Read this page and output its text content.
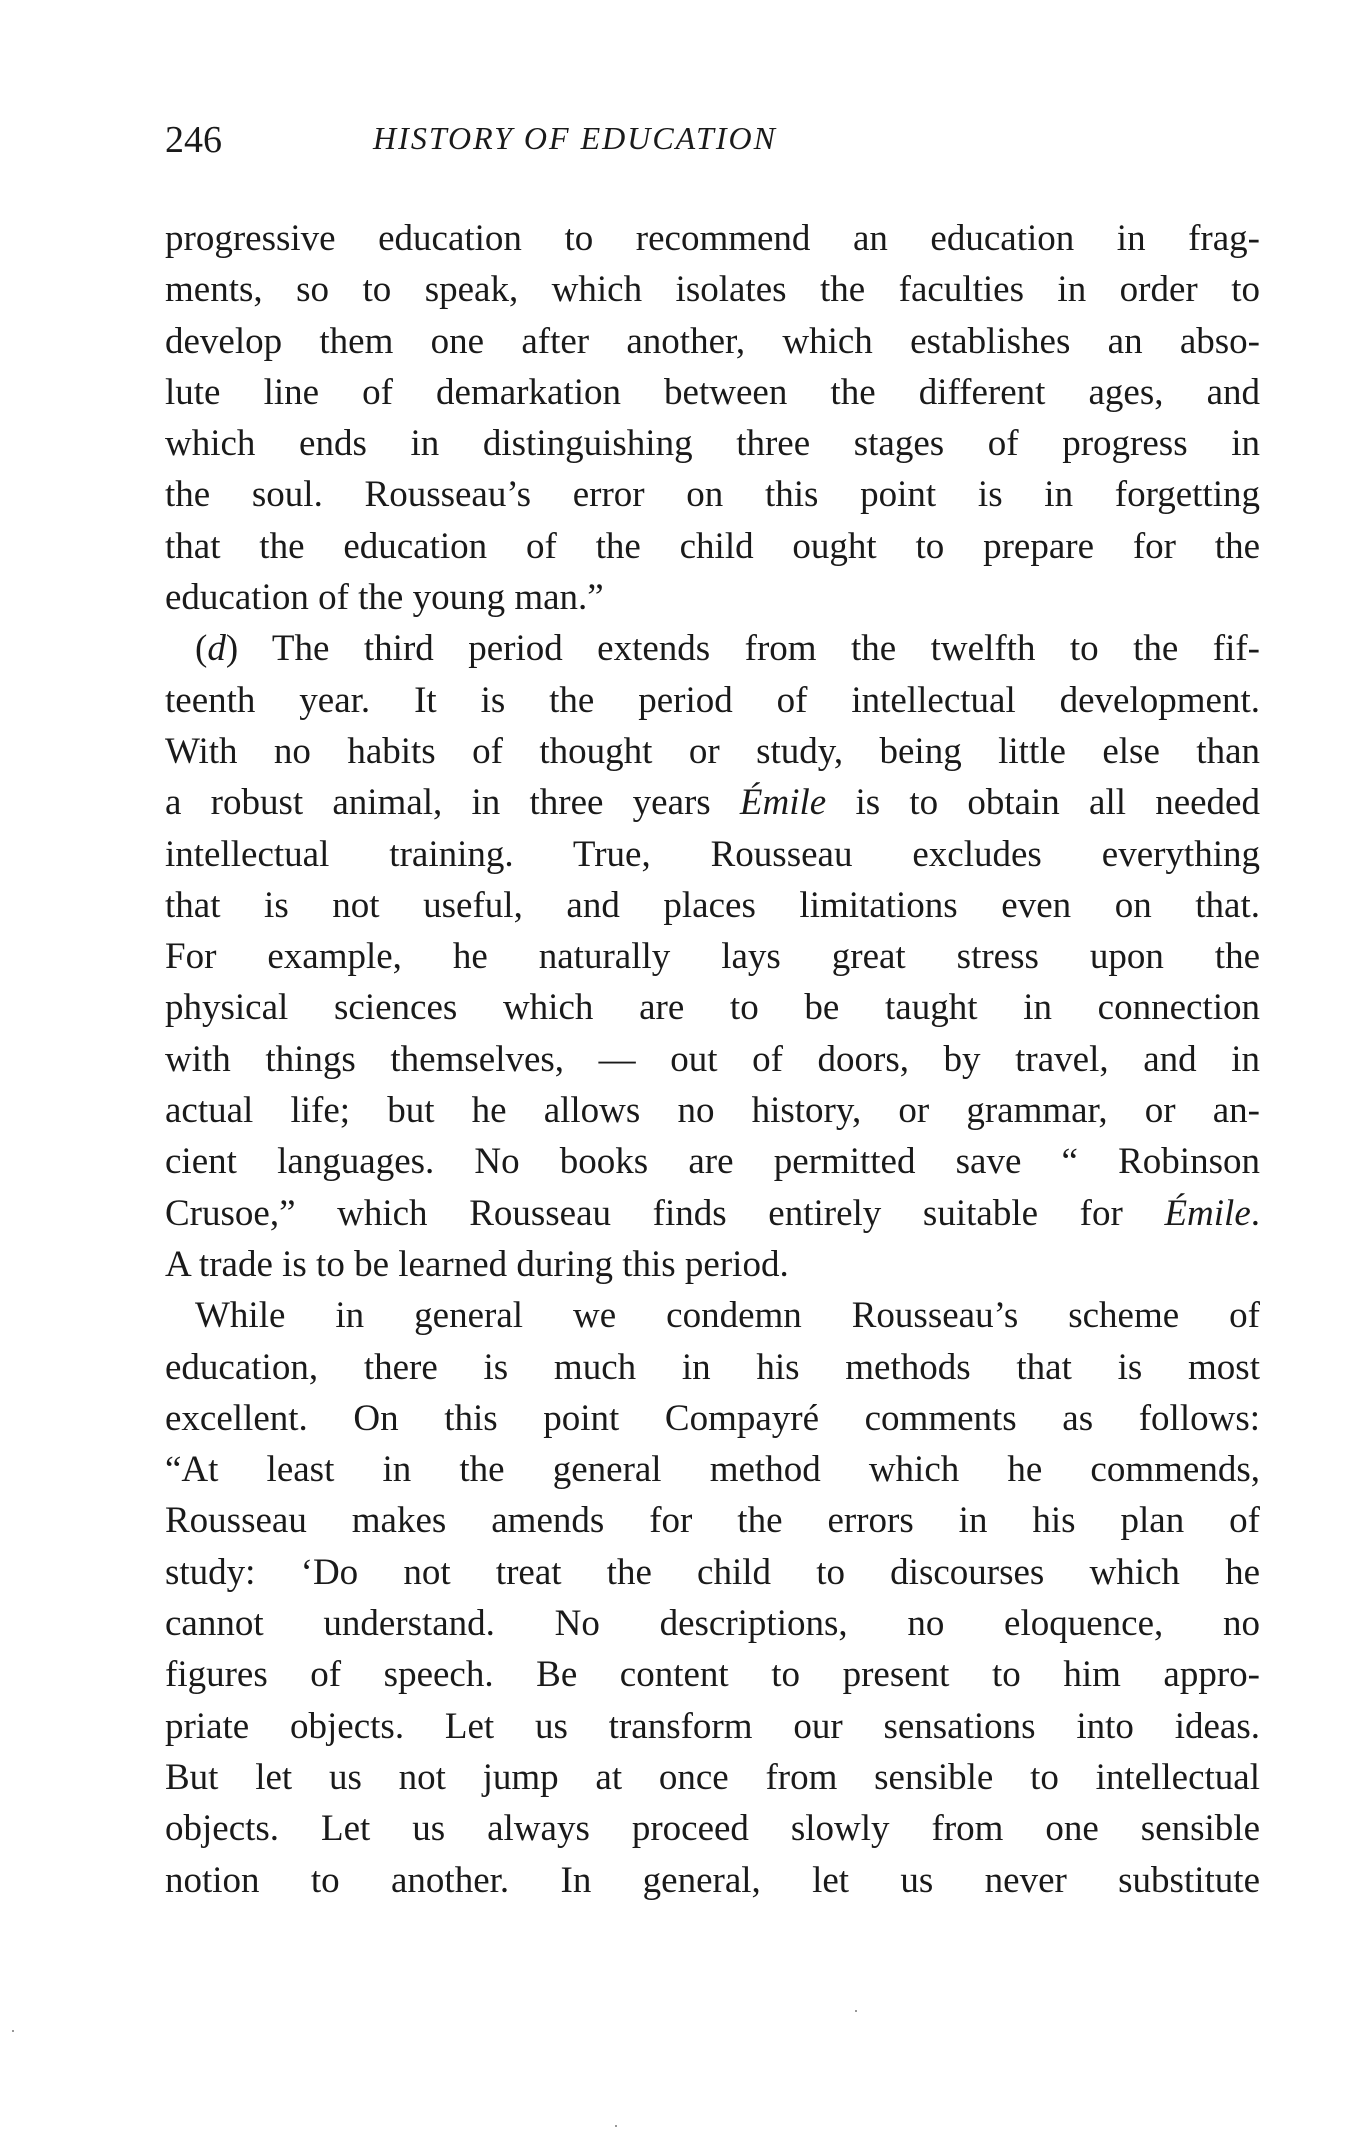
246	HISTORY OF EDUCATION
progressive education to recommend an education in frag-
ments, so to speak, which isolates the faculties in order to
develop them one after another, which establishes an abso-
lute line of demarkation between the different ages, and
which ends in distinguishing three stages of progress in
the soul. Rousseau’s error on this point is in forgetting
that the education of the child ought to prepare for the
education of the young man.”
(d) The third period extends from the twelfth to the fif-
teenth year. It is the period of intellectual development.
With no habits of thought or study, being little else than
a robust animal, in three years Émile is to obtain all needed
intellectual training. True, Rousseau excludes everything
that is not useful, and places limitations even on that.
For example, he naturally lays great stress upon the
physical sciences which are to be taught in connection
with things themselves, — out of doors, by travel, and in
actual life; but he allows no history, or grammar, or an-
cient languages. No books are permitted save “ Robinson
Crusoe,” which Rousseau finds entirely suitable for Émile.
A trade is to be learned during this period.
While in general we condemn Rousseau’s scheme of
education, there is much in his methods that is most
excellent. On this point Compayré comments as follows:
“At least in the general method which he commends,
Rousseau makes amends for the errors in his plan of
study: ‘Do not treat the child to discourses which he
cannot understand. No descriptions, no eloquence, no
figures of speech. Be content to present to him appro-
priate objects. Let us transform our sensations into ideas.
But let us not jump at once from sensible to intellectual
objects. Let us always proceed slowly from one sensible
notion to another. In general, let us never substitute
